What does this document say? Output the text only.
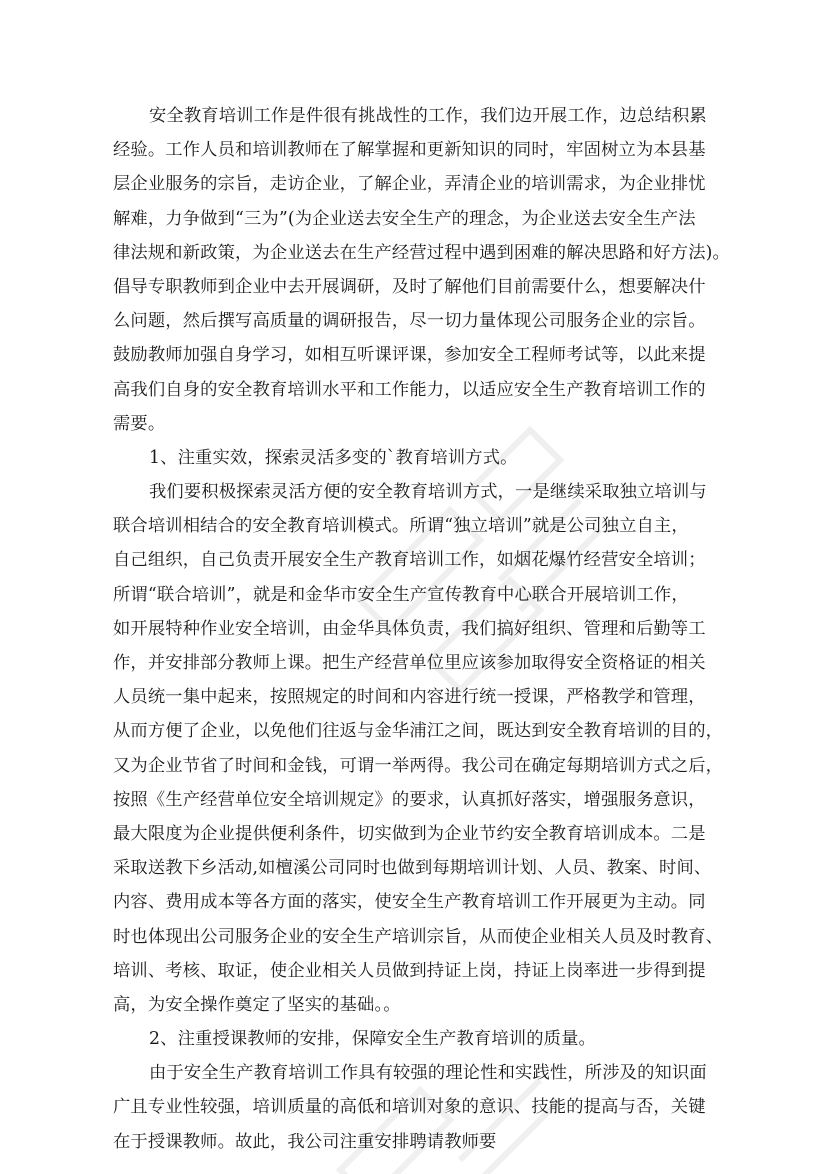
安全教育培训工作是件很有挑战性的工作，我们边开展工作，边总结积累
经验。工作人员和培训教师在了解掌握和更新知识的同时，牢固树立为本县基
层企业服务的宗旨，走访企业，了解企业，弄清企业的培训需求，为企业排忧
解难，力争做到“三为”(为企业送去安全生产的理念，为企业送去安全生产法
律法规和新政策，为企业送去在生产经营过程中遇到困难的解决思路和好方法)。
倡导专职教师到企业中去开展调研，及时了解他们目前需要什么，想要解决什
么问题，然后撰写高质量的调研报告，尽一切力量体现公司服务企业的宗旨。
鼓励教师加强自身学习，如相互听课评课，参加安全工程师考试等，以此来提
高我们自身的安全教育培训水平和工作能力，以适应安全生产教育培训工作的
需要。
1、注重实效，探索灵活多变的`教育培训方式。
我们要积极探索灵活方便的安全教育培训方式，一是继续采取独立培训与
联合培训相结合的安全教育培训模式。所谓“独立培训”就是公司独立自主，
自己组织，自己负责开展安全生产教育培训工作，如烟花爆竹经营安全培训；
所谓“联合培训”，就是和金华市安全生产宣传教育中心联合开展培训工作，
如开展特种作业安全培训，由金华具体负责，我们搞好组织、管理和后勤等工
作，并安排部分教师上课。把生产经营单位里应该参加取得安全资格证的相关
人员统一集中起来，按照规定的时间和内容进行统一授课，严格教学和管理，
从而方便了企业，以免他们往返与金华浦江之间，既达到安全教育培训的目的，
又为企业节省了时间和金钱，可谓一举两得。我公司在确定每期培训方式之后，
按照《生产经营单位安全培训规定》的要求，认真抓好落实，增强服务意识，
最大限度为企业提供便利条件，切实做到为企业节约安全教育培训成本。二是
采取送教下乡活动,如檀溪公司同时也做到每期培训计划、人员、教案、时间、
内容、费用成本等各方面的落实，使安全生产教育培训工作开展更为主动。同
时也体现出公司服务企业的安全生产培训宗旨，从而使企业相关人员及时教育、
培训、考核、取证，使企业相关人员做到持证上岗，持证上岗率进一步得到提
高，为安全操作奠定了坚实的基础。。
2、注重授课教师的安排，保障安全生产教育培训的质量。
由于安全生产教育培训工作具有较强的理论性和实践性，所涉及的知识面
广且专业性较强，培训质量的高低和培训对象的意识、技能的提高与否，关键
在于授课教师。故此，我公司注重安排聘请教师要
